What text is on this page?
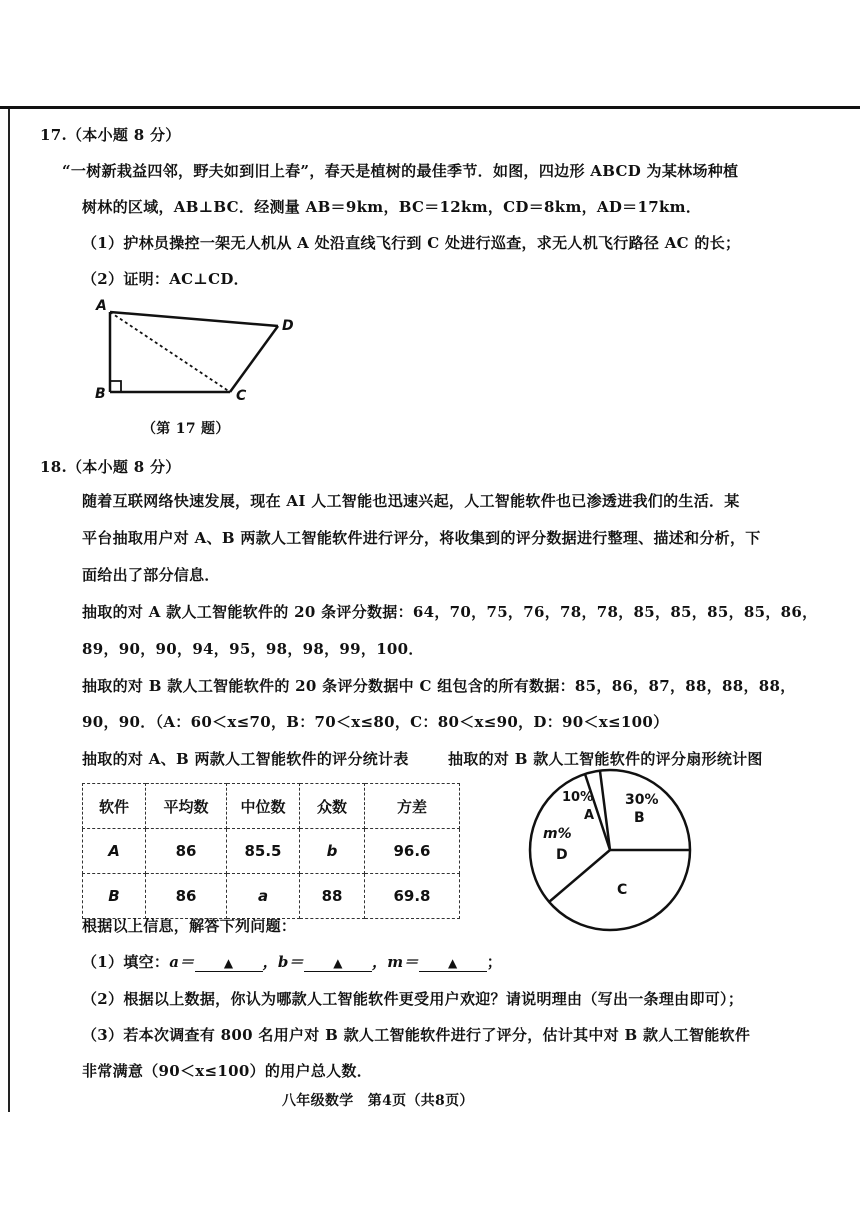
17.（本小题 8 分）
“一树新栽益四邻，野夫如到旧上春”，春天是植树的最佳季节．如图，四边形 ABCD 为某林场种植
树林的区域，AB⊥BC．经测量 AB＝9km，BC＝12km，CD＝8km，AD＝17km．
（1）护林员操控一架无人机从 A 处沿直线飞行到 C 处进行巡查，求无人机飞行路径 AC 的长；
（2）证明：AC⊥CD．
A
B	C
D
（第 17 题）
18.（本小题 8 分）
随着互联网络快速发展，现在 AI 人工智能也迅速兴起，人工智能软件也已渗透进我们的生活．某
平台抽取用户对 A、B 两款人工智能软件进行评分，将收集到的评分数据进行整理、描述和分析，下
面给出了部分信息．
抽取的对 A 款人工智能软件的 20 条评分数据：64，70，75，76，78，78，85，85，85，85，86，
89，90，90，94，95，98，98，99，100．
抽取的对 B 款人工智能软件的 20 条评分数据中 C 组包含的所有数据：85，86，87，88，88，88，
90，90．（A：60＜x≤70，B：70＜x≤80，C：80＜x≤90，D：90＜x≤100）
抽取的对 A、B 两款人工智能软件的评分统计表	抽取的对 B 款人工智能软件的评分扇形统计图
软件	平均数	中位数	众数	方差
A	86	85.5	b	96.6
B	86	a	88	69.8
10%
A
30%
B
C
m%
D
根据以上信息，解答下列问题：
（1）填空：a＝ ▲ ，b＝ ▲ ，m＝ ▲ ；
（2）根据以上数据，你认为哪款人工智能软件更受用户欢迎？请说明理由（写出一条理由即可）；
（3）若本次调查有 800 名用户对 B 款人工智能软件进行了评分，估计其中对 B 款人工智能软件
非常满意（90＜x≤100）的用户总人数．
八年级数学　第4页（共8页）
